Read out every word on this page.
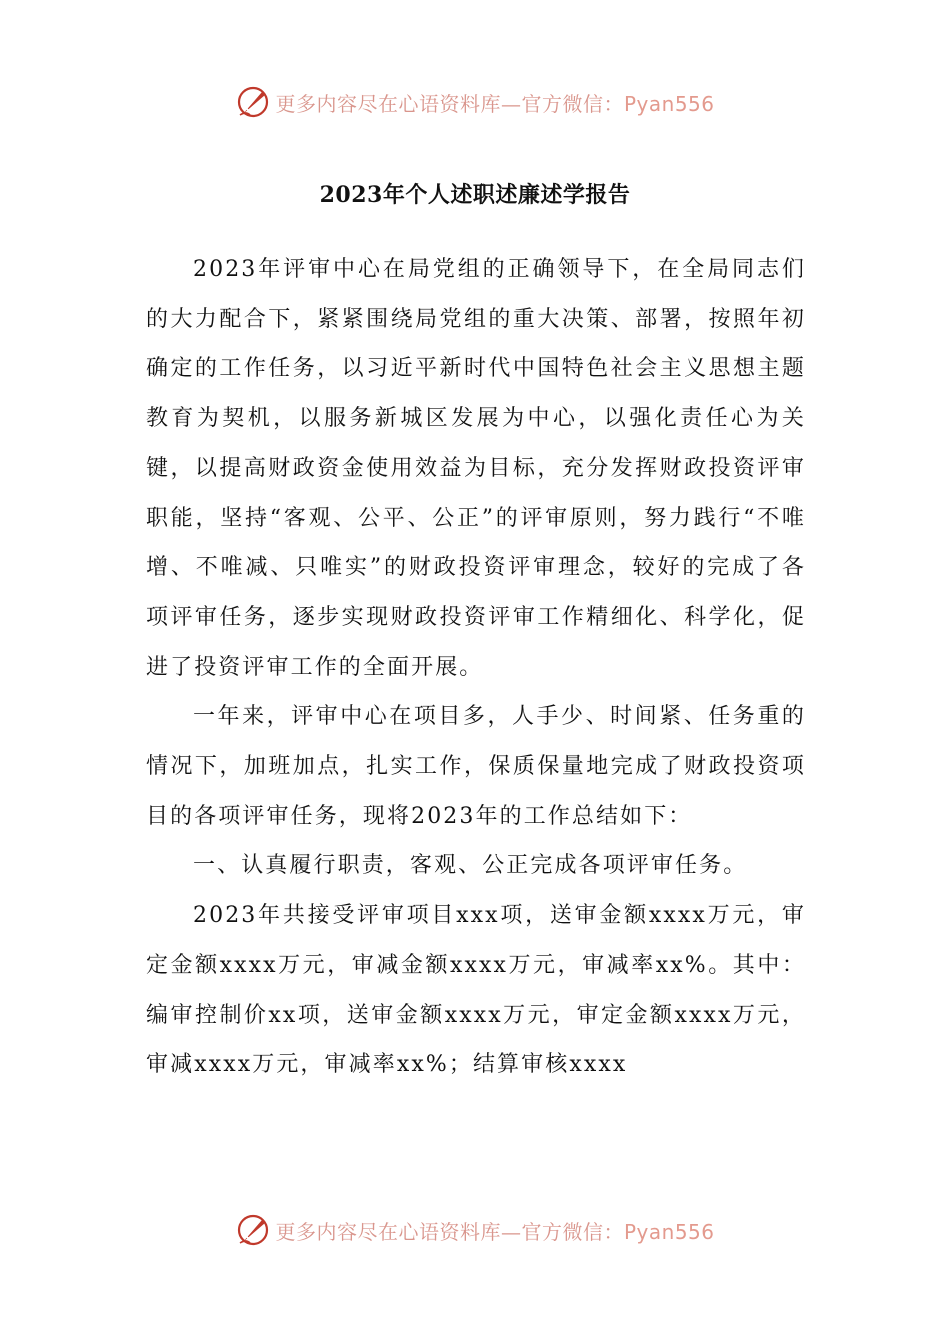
更多内容尽在心语资料库—官方微信：Pyan556
2023年个人述职述廉述学报告

2023年评审中心在局党组的正确领导下，在全局同志们的大力配合下，紧紧围绕局党组的重大决策、部署，按照年初确定的工作任务，以习近平新时代中国特色社会主义思想主题教育为契机，以服务新城区发展为中心，以强化责任心为关键，以提高财政资金使用效益为目标，充分发挥财政投资评审职能，坚持“客观、公平、公正”的评审原则，努力践行“不唯增、不唯减、只唯实”的财政投资评审理念，较好的完成了各项评审任务，逐步实现财政投资评审工作精细化、科学化，促进了投资评审工作的全面开展。

一年来，评审中心在项目多，人手少、时间紧、任务重的情况下，加班加点，扎实工作，保质保量地完成了财政投资项目的各项评审任务，现将2023年的工作总结如下：

一、认真履行职责，客观、公正完成各项评审任务。

2023年共接受评审项目xxx项，送审金额xxxx万元，审定金额xxxx万元，审减金额xxxx万元，审减率xx%。其中：编审控制价xx项，送审金额xxxx万元，审定金额xxxx万元，审减xxxx万元，审减率xx%；结算审核xxxx

更多内容尽在心语资料库—官方微信：Pyan556
